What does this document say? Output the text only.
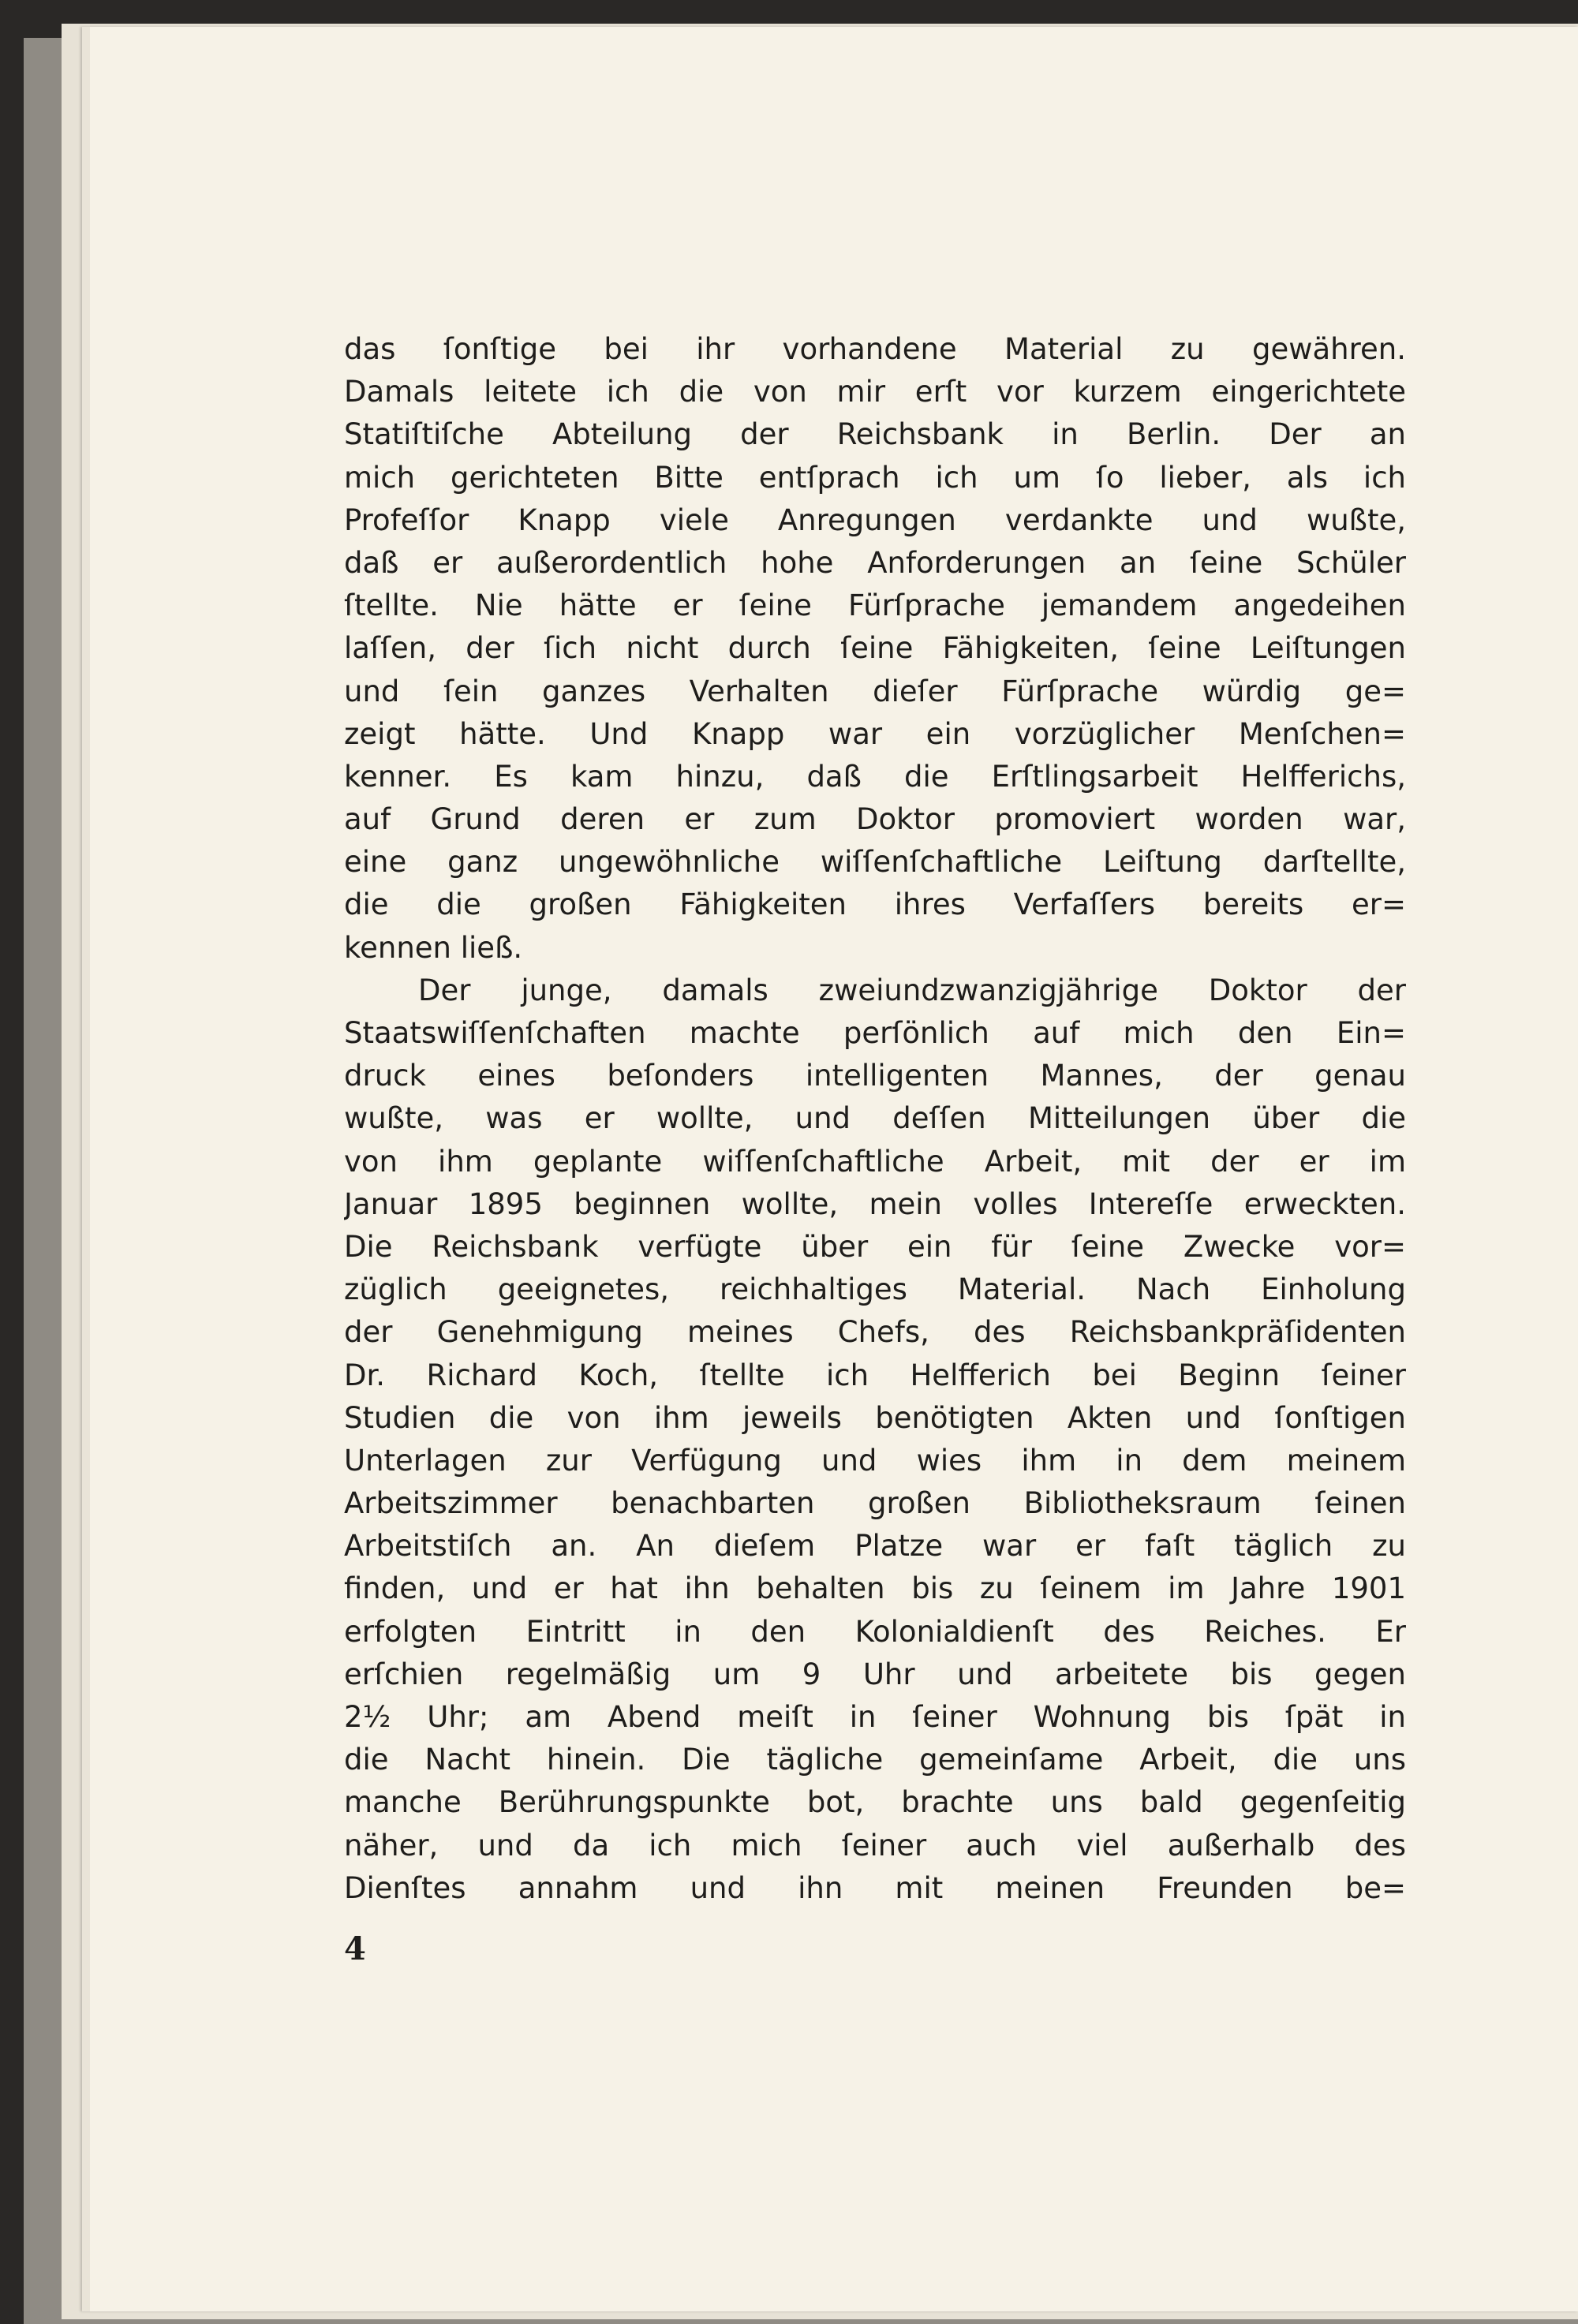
das ſonſtige bei ihr vorhandene Material zu gewähren.
Damals leitete ich die von mir erſt vor kurzem eingerichtete
Statiſtiſche Abteilung der Reichsbank in Berlin. Der an
mich gerichteten Bitte entſprach ich um ſo lieber, als ich
Profeſſor Knapp viele Anregungen verdankte und wußte,
daß er außerordentlich hohe Anforderungen an ſeine Schüler
ſtellte. Nie hätte er ſeine Fürſprache jemandem angedeihen
laſſen, der ſich nicht durch ſeine Fähigkeiten, ſeine Leiſtungen
und ſein ganzes Verhalten dieſer Fürſprache würdig ge=
zeigt hätte. Und Knapp war ein vorzüglicher Menſchen=
kenner. Es kam hinzu, daß die Erſtlingsarbeit Helfferichs,
auf Grund deren er zum Doktor promoviert worden war,
eine ganz ungewöhnliche wiſſenſchaftliche Leiſtung darſtellte,
die die großen Fähigkeiten ihres Verfaſſers bereits er=
kennen ließ.
Der junge, damals zweiundzwanzigjährige Doktor der
Staatswiſſenſchaften machte perſönlich auf mich den Ein=
druck eines beſonders intelligenten Mannes, der genau
wußte, was er wollte, und deſſen Mitteilungen über die
von ihm geplante wiſſenſchaftliche Arbeit, mit der er im
Januar 1895 beginnen wollte, mein volles Intereſſe erweckten.
Die Reichsbank verfügte über ein für ſeine Zwecke vor=
züglich geeignetes, reichhaltiges Material. Nach Einholung
der Genehmigung meines Chefs, des Reichsbankpräſidenten
Dr. Richard Koch, ſtellte ich Helfferich bei Beginn ſeiner
Studien die von ihm jeweils benötigten Akten und ſonſtigen
Unterlagen zur Verfügung und wies ihm in dem meinem
Arbeitszimmer benachbarten großen Bibliotheksraum ſeinen
Arbeitstiſch an. An dieſem Platze war er faſt täglich zu
finden, und er hat ihn behalten bis zu ſeinem im Jahre 1901
erfolgten Eintritt in den Kolonialdienſt des Reiches. Er
erſchien regelmäßig um 9 Uhr und arbeitete bis gegen
2½ Uhr; am Abend meiſt in ſeiner Wohnung bis ſpät in
die Nacht hinein. Die tägliche gemeinſame Arbeit, die uns
manche Berührungspunkte bot, brachte uns bald gegenſeitig
näher, und da ich mich ſeiner auch viel außerhalb des
Dienſtes annahm und ihn mit meinen Freunden be=
4
